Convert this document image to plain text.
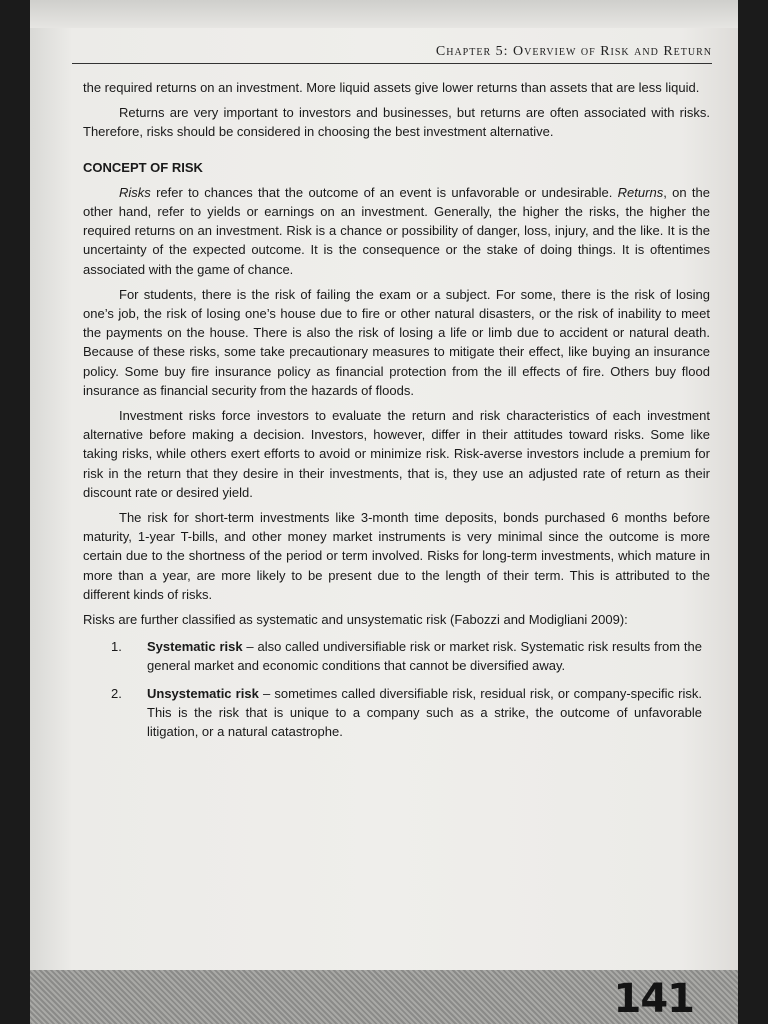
Chapter 5: Overview of Risk and Return

the required returns on an investment. More liquid assets give lower returns than assets that are less liquid.

Returns are very important to investors and businesses, but returns are often associated with risks. Therefore, risks should be considered in choosing the best investment alternative.

CONCEPT OF RISK

Risks refer to chances that the outcome of an event is unfavorable or undesirable. Returns, on the other hand, refer to yields or earnings on an investment. Generally, the higher the risks, the higher the required returns on an investment. Risk is a chance or possibility of danger, loss, injury, and the like. It is the uncertainty of the expected outcome. It is the consequence or the stake of doing things. It is oftentimes associated with the game of chance.

For students, there is the risk of failing the exam or a subject. For some, there is the risk of losing one’s job, the risk of losing one’s house due to fire or other natural disasters, or the risk of inability to meet the payments on the house. There is also the risk of losing a life or limb due to accident or natural death. Because of these risks, some take precautionary measures to mitigate their effect, like buying an insurance policy. Some buy fire insurance policy as financial protection from the ill effects of fire. Others buy flood insurance as financial security from the hazards of floods.

Investment risks force investors to evaluate the return and risk characteristics of each investment alternative before making a decision. Investors, however, differ in their attitudes toward risks. Some like taking risks, while others exert efforts to avoid or minimize risk. Risk-averse investors include a premium for risk in the return that they desire in their investments, that is, they use an adjusted rate of return as their discount rate or desired yield.

The risk for short-term investments like 3-month time deposits, bonds purchased 6 months before maturity, 1-year T-bills, and other money market instruments is very minimal since the outcome is more certain due to the shortness of the period or term involved. Risks for long-term investments, which mature in more than a year, are more likely to be present due to the length of their term. This is attributed to the different kinds of risks.

Risks are further classified as systematic and unsystematic risk (Fabozzi and Modigliani 2009):

1.	Systematic risk – also called undiversifiable risk or market risk. Systematic risk results from the general market and economic conditions that cannot be diversified away.
2.	Unsystematic risk – sometimes called diversifiable risk, residual risk, or company-specific risk. This is the risk that is unique to a company such as a strike, the outcome of unfavorable litigation, or a natural catastrophe.
141
